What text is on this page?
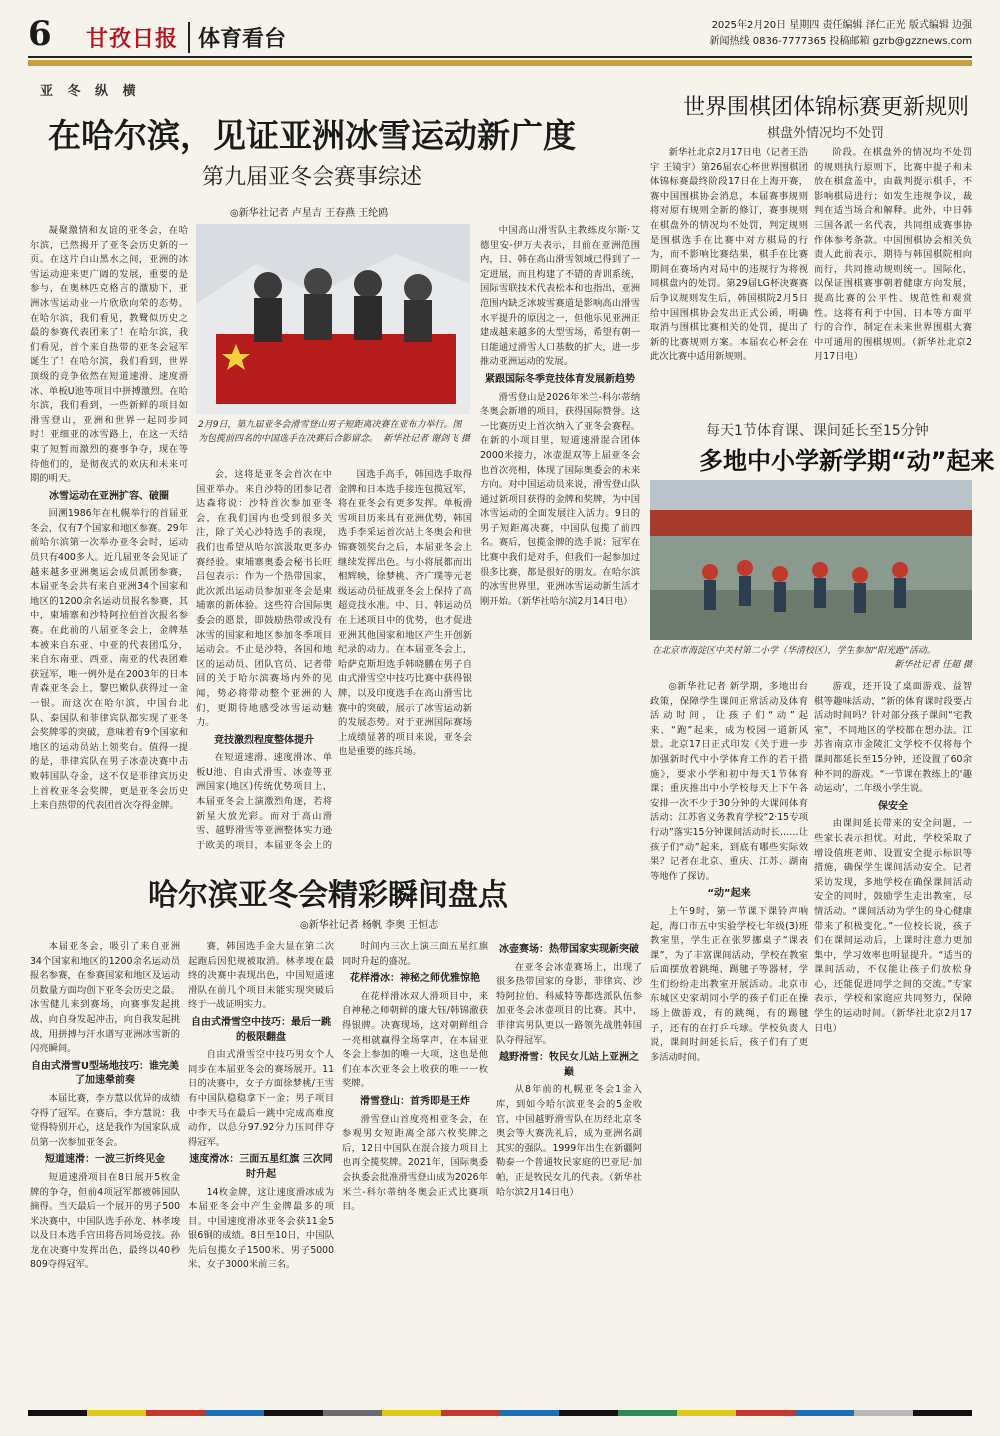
6 甘孜日报 体育看台
2025年2月20日 星期四 责任编辑 泽仁正光 版式编辑 边强
新闻热线 0836-7777365 投稿邮箱 gzrb@gzznews.com
亚 冬 纵 横
在哈尔滨，见证亚洲冰雪运动新广度
第九届亚冬会赛事综述
◎新华社记者 卢星吉 王春燕 王纶鸥

凝聚激情和友谊的亚冬会，在哈尔滨，已然揭开了亚冬会历史新的一页。在这片白山黑水之间，亚洲的冰雪运动迎来更广阔的发展，重要的是参与，在奥林匹克格言的激励下，亚洲冰雪运动业一片欣欣向荣的态势。在哈尔滨，我们看见，教鹭似历史之最的参赛代表团来了！在哈尔滨，我们看见，首个来自热带的亚冬会冠军诞生了！在哈尔滨，我们看到，世界顶级的竞争依然在短道速滑、速度滑冰、单板U池等项目中拼搏激烈。在哈尔滨，我们看到，一些新鲜的项目如滑雪登山，亚洲和世界一起同步同时！亚细亚的冰雪路上，在这一天结束了短暂而激烈的赛事争夺，现在等待他们的，是彻夜式的欢庆和未来可期的明天。

冰雪运动在亚洲扩容、破圈

回溯1986年在札幌举行的首届亚冬会，仅有7个国家和地区参赛。29年前哈尔滨第一次举办亚冬会时，运动员只有400多人。近几届亚冬会见证了越来越多亚洲奥运会成员派团参赛，本届亚冬会共有来自亚洲34个国家和地区的1200余名运动员报名参赛，其中，柬埔寨和沙特阿拉伯首次报名参赛。在此前的八届亚冬会上，金牌基本被来自东亚、中亚的代表团瓜分，来自东南亚、西亚、南亚的代表团难获冠军，唯一例外是在2003年的日本青森亚冬会上，黎巴嫩队获得过一金一银。而这次在哈尔滨，中国台北队、泰国队和菲律宾队都实现了亚冬会奖牌零的突破，意味着有9个国家和地区的运动员站上领奖台。值得一提的是，菲律宾队在男子冰壶决赛中击败韩国队夺金，这不仅是菲律宾历史上首枚亚冬会奖牌，更是亚冬会历史上来自热带的代表团首次夺得金牌。

2月9日，第九届亚冬会滑雪登山男子短距离决赛在亚布力举行。图为包揽前四名的中国选手在决赛后合影留念。 新华社记者 谢剑飞 摄

会，这将是亚冬会首次在中国亚举办。来自沙特的团参记者达森将说：沙特首次参加亚冬会，在我们国内也受到很多关注，除了关心沙特选手的表现，我们也希望从哈尔滨汲取更多办赛经验。柬埔寨奥委会秘书长旺吕包表示：作为一个热带国家，此次派出运动员参加亚冬会是柬埔寨的新体验。这些符合国际奥委会的愿景，即鼓励热带或没有冰雪的国家和地区参加冬季项目运动会。不止是沙特，各国和地区的运动员、团队官员、记者带回的关于哈尔滨赛场内外的见闻，势必将带动整个亚洲的人们，更期待地感受冰雪运动魅力。

竞技激烈程度整体提升

在短道速滑、速度滑冰、单板U池、自由式滑雪、冰壶等亚洲国家(地区)传统优势项目上，本届亚冬会上演激烈角逐，若将新星大放光彩。而对于高山滑雪、越野滑雪等亚洲整体实力逊于欧美的项目，本届亚冬会上的

国选手高手，韩国选手取得金牌和日本选手接连包揽冠军，将在亚冬会有更多发挥。单板滑雪项目历来具有亚洲优势，韩国选手李采运首次站上冬奥会和世锦赛领奖台之后，本届亚冬会上继续发挥出色。与小将展都而出相辉映，徐梦桃、齐广璞等元老级运动员征战亚冬会上保持了高超竞技水准。中、日、韩运动员在上述项目中的优势，也才促进亚洲其他国家和地区产生开创新纪录的动力。在本届亚冬会上，哈萨克斯坦选手韩晓鹏在男子自由式滑雪空中技巧比赛中获得银牌，以及印度选手在高山滑雪比赛中的突破，展示了冰雪运动新的发展态势。对于亚洲国际赛场上成绩显著的项目来说，亚冬会也是重要的练兵场。

中国高山滑雪队主教练皮尔斯·艾德里安-伊万夫表示，目前在亚洲范围内，日、韩在高山滑雪领域已得到了一定进展，而且构建了不错的青训系统，国际雪联技术代表松本和也指出，亚洲范围内缺乏冰坡雪赛道是影响高山滑雪水平提升的原因之一，但他乐见亚洲正建成越来越多的大型雪场，希望有朝一日能通过滑雪人口基数的扩大，进一步推动亚洲运动的发展。

紧跟国际冬季竞技体育发展新趋势

滑雪登山是2026年米兰-科尔蒂纳冬奥会新增的项目，获得国际赞誉。这一比赛历史上首次纳入了亚冬会赛程。在新的小项目里，短道速滑混合团体2000米接力，冰壶混双等上届亚冬会也首次亮相，体现了国际奥委会的未来方向。对中国运动员来说，滑雪登山队通过新项目获得的金牌和奖牌，为中国冰雪运动的全面发展注入活力。9日的男子短距离决赛，中国队包揽了前四名。赛后，包揽金牌的选手说：冠军在比赛中我们是对手，但我们一起参加过很多比赛，都是很好的朋友。在哈尔滨的冰雪世界里，亚洲冰雪运动新生活才刚开始。（新华社哈尔滨2月14日电）

哈尔滨亚冬会精彩瞬间盘点
◎新华社记者 杨帆 李奥 王恒志

本届亚冬会，吸引了来自亚洲34个国家和地区的1200余名运动员报名参赛，在参赛国家和地区及运动员数量方面均创下亚冬会历史之最。冰雪健儿来到赛场，向赛事发起挑战、向自身发起冲击，向自我发起挑战，用拼搏与汗水谱写亚洲冰雪新的闪亮瞬间。

自由式滑雪U型场地技巧：谁完美了加速晕前奏

本届比赛，李方慧以优异的成绩夺得了冠军。在赛后，李方慧说：我觉得特别开心，这是我作为国家队成员第一次参加亚冬会。

短道速滑：一波三折终见金

短道速滑项目在8日展开5枚金牌的争夺，但前4项冠军都被韩国队摘得。当天最后一个展开的男子500米决赛中，中国队选手孙龙、林孝埈以及日本选手宫田将吾同场竞技。孙龙在决赛中发挥出色，最终以40秒809夺得冠军。

赛，韩国选手金大显在第二次起跑后因犯规被取消。林孝埈在最终的决赛中表现出色，中国短道速滑队在前几个项目未能实现突破后终于一战证明实力。

自由式滑雪空中技巧：最后一跳的极限翻盘

自由式滑雪空中技巧男女个人同步在本届亚冬会的赛场展开。11日的决赛中，女子方面徐梦桃/王雪有中国队稳稳拿下一金；男子项目中李天马在最后一跳中完成高难度动作，以总分97.92分力压同伴夺得冠军。

速度滑冰：三面五星红旗 三次同时升起

14枚金牌，这让速度滑冰成为本届亚冬会中产生金牌最多的项目。中国速度滑冰亚冬会获11金5银6铜的成绩。8日至10日，中国队先后包揽女子1500米、男子5000米、女子3000米前三名。

时间内三次上演三面五星红旗同时升起的盛况。

花样滑冰：神秘之师优雅惊艳

在花样滑冰双人滑项目中，来自神秘之师朝鲜的廉大钰/韩锦澈获得银牌。决赛现场，这对朝鲜组合一亮相就赢得全场掌声，在本届亚冬会上参加的唯一大项，这也是他们在本次亚冬会上收获的唯一一枚奖牌。

滑雪登山：首秀即是王炸

滑雪登山首度亮相亚冬会，在参观男女短距离全部六枚奖牌之后，12日中国队在混合接力项目上也再全揽奖牌。2021年，国际奥委会执委会批准滑雪登山成为2026年米兰-科尔蒂纳冬奥会正式比赛项目。

冰壶赛场：热带国家实现新突破

在亚冬会冰壶赛场上，出现了很多热带国家的身影，菲律宾、沙特阿拉伯、科威特等都选派队伍参加亚冬会冰壶项目的比赛。其中，菲律宾男队更以一路领先战胜韩国队夺得冠军。

越野滑雪：牧民女儿站上亚洲之巅

从8年前的札幌亚冬会1金入库，到如今哈尔滨亚冬会的5金收官，中国越野滑雪队在历经北京冬奥会等大赛洗礼后，成为亚洲名副其实的强队。1999年出生在新疆阿勒泰一个普通牧民家庭的巴亚尼·加帕，正是牧民女儿的代表。（新华社哈尔滨2月14日电）

世界围棋团体锦标赛更新规则
棋盘外情况均不处罚

新华社北京2月17日电（记者王浩宇 王镜宇）第26届农心杯世界围棋团体锦标赛最终阶段17日在上海开赛，赛中国围棋协会消息，本届赛事规则将对原有规则全新的修订，赛事规则在棋盘外的情况均不处罚，判定规则是围棋选手在比赛中对方棋局的行为，而不影响比赛结果，棋手在比赛期间在赛场内对局中的违规行为将视同棋盘内的处罚。第29届LG杯决赛赛后争议规则发生后，韩国棋院2月5日给中国围棋协会发出正式公函，明确取消与围棋比赛相关的处罚，提出了新的比赛规则方案。本届农心杯会在此次比赛中适用新规则。

阶段。在棋盘外的情况均不处罚的规则执行原则下，比赛中提子和未放在棋盒盖中，由裁判提示棋手，不影响棋局进行；如发生违规争议，裁判在适当场合和解释。此外，中日韩三国各派一名代表，共同组成赛事协作体参考条款。中国围棋协会相关负责人此前表示，期待与韩国棋院相向而行，共同推动规则统一。国际化，以保证围棋赛事朝着健康方向发展，提高比赛的公平性、规范性和观赏性。这将有利于中国、日本等方面平行的合作，制定在未来世界围棋大赛中可通用的围棋规则。（新华社北京2月17日电）

每天1节体育课、课间延长至15分钟
多地中小学新学期“动”起来
在北京市海淀区中关村第二小学（华清校区），学生参加“阳光跑”活动。

新华社记者 任超 摄

◎新华社记者 新学期，多地出台政策，保障学生课间正常活动及体育活动时间，让孩子们“动”起来、“跑”起来，成为校园一道新风景。北京17日正式印发《关于进一步加强新时代中小学体育工作的若干措施》，要求小学和初中每天1节体育课；重庆推出中小学校每天上下午各安排一次不少于30分钟的大课间体育活动；江苏省义务教育学校“2·15专项行动”落实15分钟课间活动时长……让孩子们“动”起来，到底有哪些实际效果？记者在北京、重庆、江苏、湖南等地作了探访。

“动”起来

上午9时，第一节课下课铃声响起，海口市五中实验学校七年级(3)班教室里，学生正在张罗挪桌子“课表课”，为了丰富课间活动，学校在教室后面摆放着跳绳、踢毽子等器材，学生们纷纷走出教室开展活动。北京市东城区史家胡同小学的孩子们正在操场上做游戏，有的跳绳，有的踢毽子，还有的在打乒乓球。学校负责人说，课间时间延长后，孩子们有了更多活动时间。

游戏，还开设了桌面游戏、益智棋等趣味活动，“新的体育课时段要占活动时间吗？针对部分孩子课间“宅教室”，不同地区的学校都在想办法。江苏省南京市金陵汇文学校不仅将每个课间都延长至15分钟，还设置了60余种不同的游戏。“一节课在教练上的‘趣动运动’，二年级小学生说。

保安全

由课间延长带来的安全问题，一些家长表示担忧。对此，学校采取了增设值班老师、设置安全提示标识等措施，确保学生课间活动安全。记者采访发现，多地学校在确保课间活动安全的同时，鼓励学生走出教室，尽情活动。“课间活动为学生的身心健康带来了积极变化。”一位校长说，孩子们在课间运动后，上课时注意力更加集中，学习效率也明显提升。“适当的课间活动，不仅能让孩子们放松身心，还能促进同学之间的交流。”专家表示，学校和家庭应共同努力，保障学生的运动时间。（新华社北京2月17日电）
